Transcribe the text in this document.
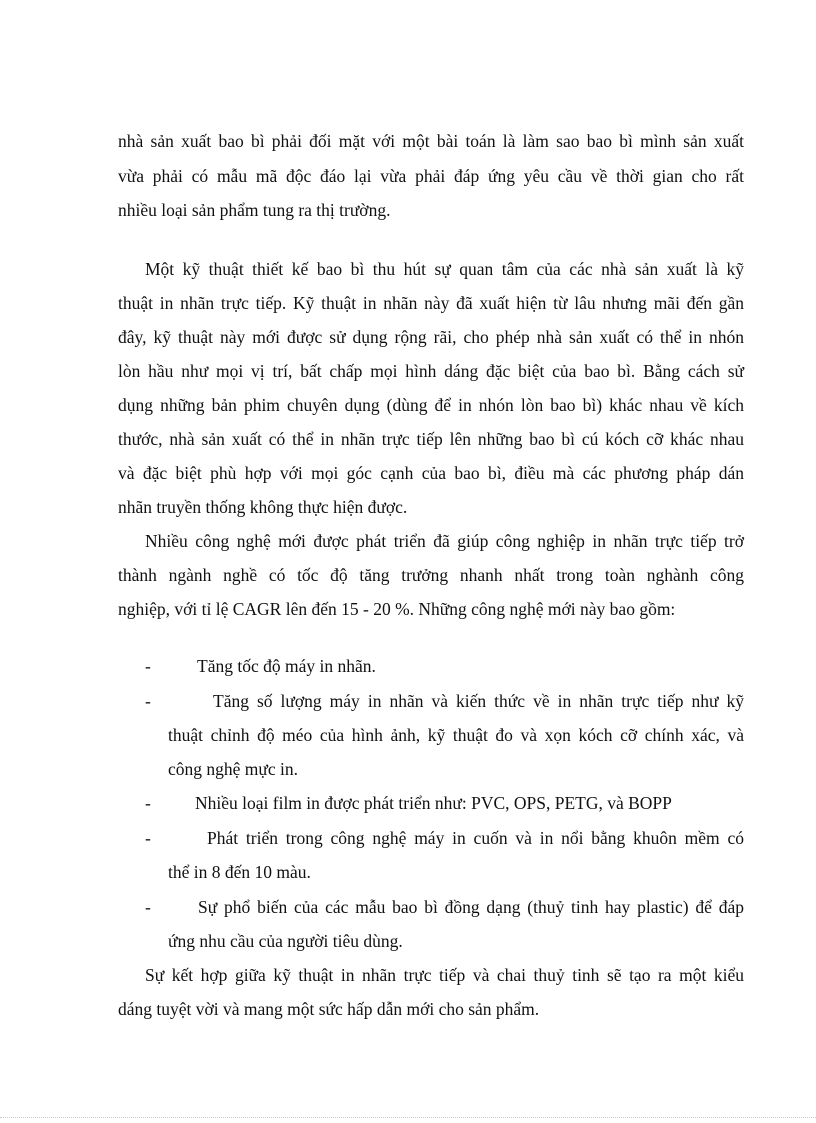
nhà sản xuất bao bì phải đối mặt với một bài toán là làm sao bao bì mình sản xuất
vừa phải có mẫu mã độc đáo lại vừa phải đáp ứng yêu cầu về thời gian cho rất
nhiều loại sản phẩm tung ra thị trường.
Một kỹ thuật thiết kế bao bì thu hút sự quan tâm của các nhà sản xuất là kỹ
thuật in nhãn trực tiếp. Kỹ thuật in nhãn này đã xuất hiện từ lâu nhưng mãi đến gần
đây, kỹ thuật này mới được sử dụng rộng rãi, cho phép nhà sản xuất có thể in nhón
lòn hầu như mọi vị trí, bất chấp mọi hình dáng đặc biệt của bao bì. Bằng cách sử
dụng những bản phim chuyên dụng (dùng để in nhón lòn bao bì) khác nhau về kích
thước, nhà sản xuất có thể in nhãn trực tiếp lên những bao bì cú kóch cỡ khác nhau
và đặc biệt phù hợp với mọi góc cạnh của bao bì, điều mà các phương pháp dán
nhãn truyền thống không thực hiện được.
Nhiều công nghệ mới được phát triển đã giúp công nghiệp in nhãn trực tiếp trở
thành ngành nghề có tốc độ tăng trưởng nhanh nhất trong toàn nghành công
nghiệp, với tỉ lệ CAGR lên đến 15 - 20 %. Những công nghệ mới này bao gồm:
-	Tăng tốc độ máy in nhãn.
-	Tăng số lượng máy in nhãn và kiến thức về in nhãn trực tiếp như kỹ
thuật chỉnh độ méo của hình ảnh, kỹ thuật đo và xọn kóch cỡ chính xác, và
công nghệ mực in.
-	Nhiều loại film in được phát triển như: PVC, OPS, PETG, và BOPP
-	Phát triển trong công nghệ máy in cuốn và in nổi bằng khuôn mềm có
thể in 8 đến 10 màu.
-	Sự phổ biến của các mẫu bao bì đồng dạng (thuỷ tinh hay plastic) để đáp
ứng nhu cầu của người tiêu dùng.
Sự kết hợp giữa kỹ thuật in nhãn trực tiếp và chai thuỷ tinh sẽ tạo ra một kiểu
dáng tuyệt vời và mang một sức hấp dẫn mới cho sản phẩm.
